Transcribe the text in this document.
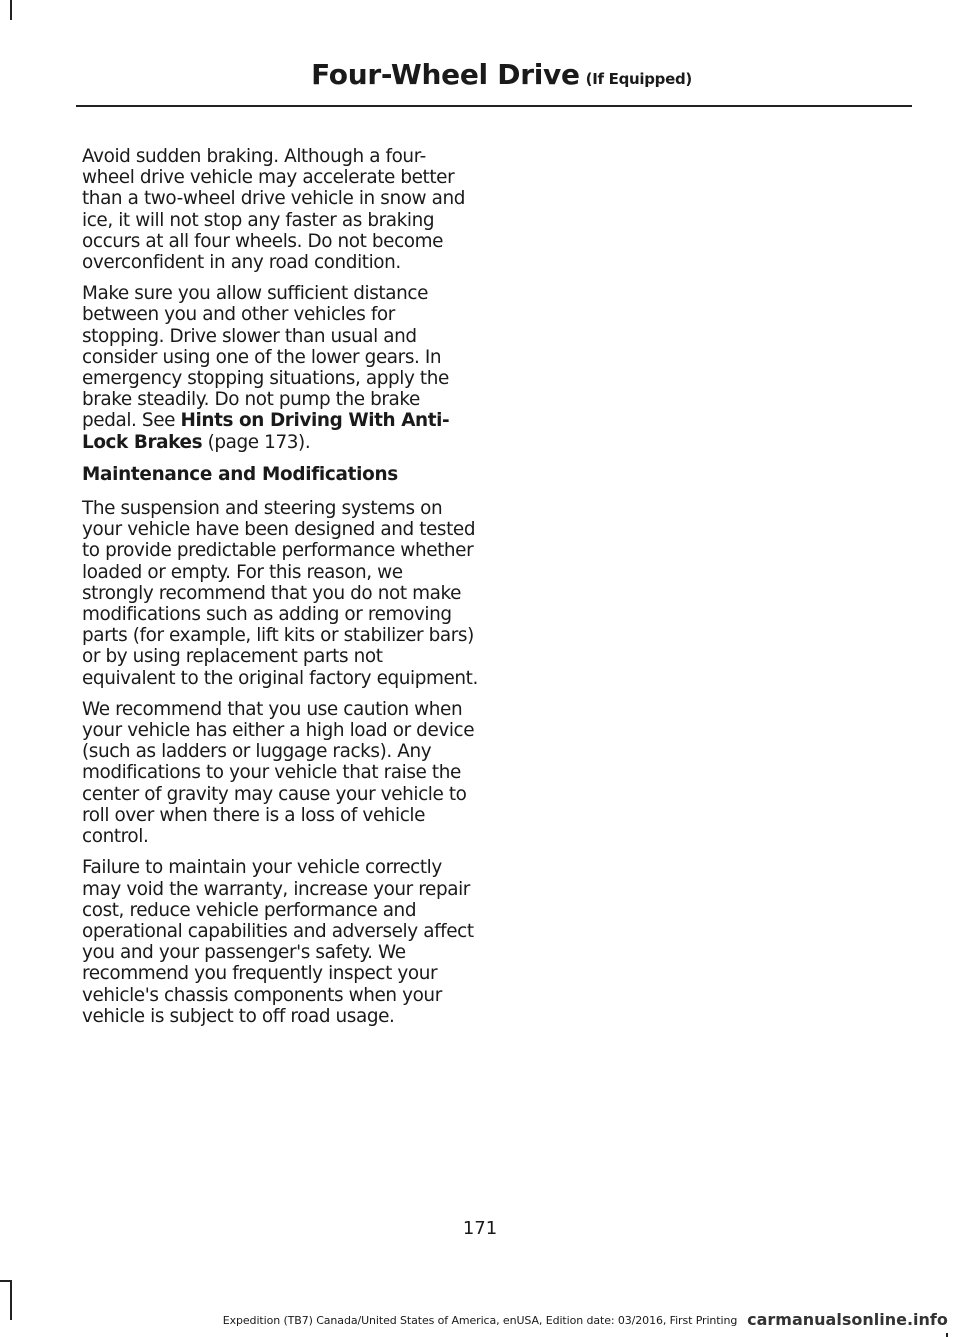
Four-Wheel Drive (If Equipped)

Avoid sudden braking. Although a four-wheel drive vehicle may accelerate better than a two-wheel drive vehicle in snow and ice, it will not stop any faster as braking occurs at all four wheels. Do not become overconfident in any road condition.

Make sure you allow sufficient distance between you and other vehicles for stopping. Drive slower than usual and consider using one of the lower gears. In emergency stopping situations, apply the brake steadily. Do not pump the brake pedal. See Hints on Driving With Anti-Lock Brakes (page 173).

Maintenance and Modifications

The suspension and steering systems on your vehicle have been designed and tested to provide predictable performance whether loaded or empty. For this reason, we strongly recommend that you do not make modifications such as adding or removing parts (for example, lift kits or stabilizer bars) or by using replacement parts not equivalent to the original factory equipment.

We recommend that you use caution when your vehicle has either a high load or device (such as ladders or luggage racks). Any modifications to your vehicle that raise the center of gravity may cause your vehicle to roll over when there is a loss of vehicle control.

Failure to maintain your vehicle correctly may void the warranty, increase your repair cost, reduce vehicle performance and operational capabilities and adversely affect you and your passenger's safety. We recommend you frequently inspect your vehicle's chassis components when your vehicle is subject to off road usage.

171
Expedition (TB7) Canada/United States of America, enUSA, Edition date: 03/2016, First Printing carmanualsonline.info
